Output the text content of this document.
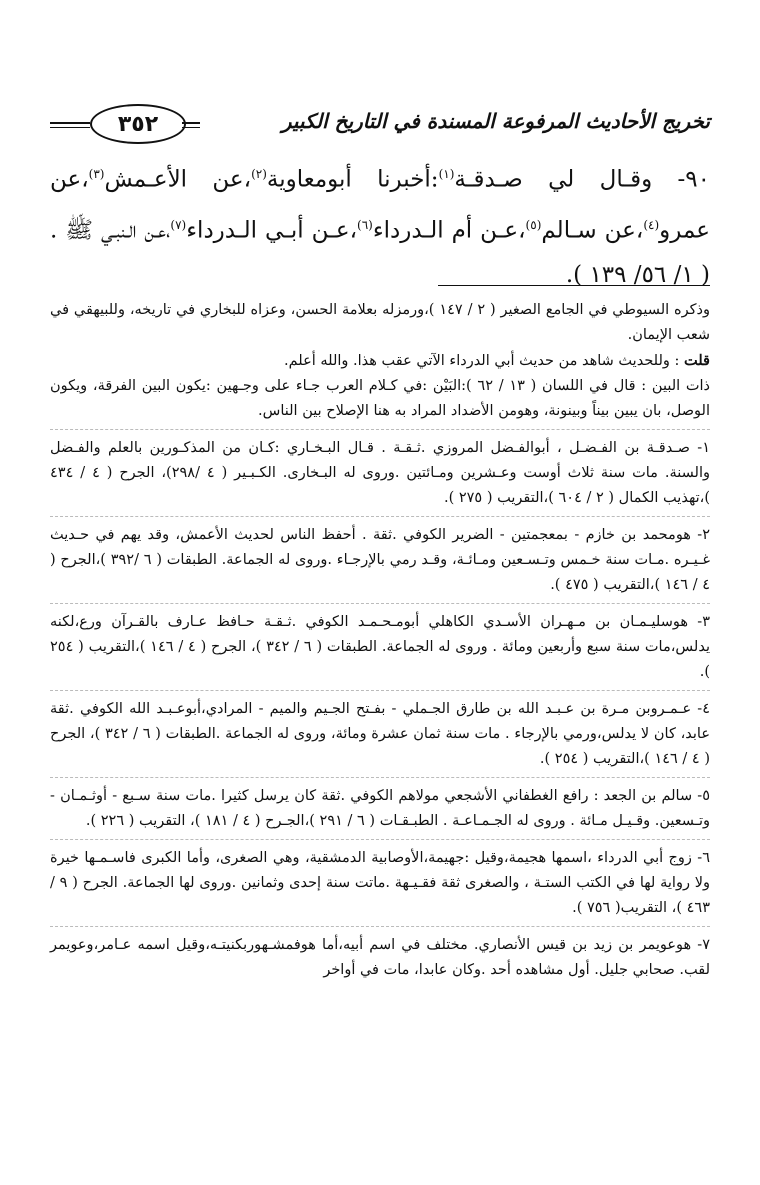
٣٥٢	تخريج الأحاديث المرفوعة المسندة في التاريخ الكبير

٩٠- وقـال لي صـدقـة$^{(١)}$:أخبرنا أبومعاوية$^{(٢)}$،عن الأعـمش$^{(٣)}$،عن عمرو$^{(٤)}$،عن سـالم$^{(٥)}$،عـن أم الـدرداء$^{(٦)}$،عـن أبـي الـدرداء$^{(٧)}$،عـن الـنبـي ﷺ . ( ١/ ٥٦/ ١٣٩ ).

وذكره السيوطي في الجامع الصغير ( ٢ / ١٤٧ )،ورمزله بعلامة الحسن، وعزاه للبخاري في تاريخه، وللبيهقي في شعب الإيمان.

قلت : وللحديث شاهد من حديث أبي الدرداء الآتي عقب هذا. والله أعلم.

ذات البين : قال في اللسان ( ١٣ / ٦٢ ):البَيْن :في كـلام العرب جـاء على وجـهين :يكون البين الفرقة، ويكون الوصل، بان يبين بيناً وبينونة، وهومن الأضداد المراد به هنا الإصلاح بين الناس.

١- صـدقـة بن الفـضـل ، أبوالفـضل المروزي .ثـقـة . قـال البـخـاري :كـان من المذكـورين بالعلم والفـضل والسنة. مات سنة ثلاث أوست وعـشرين ومـائتين .وروى له البـخارى. الكـبـير ( ٤ /٢٩٨)، الجرح ( ٤ / ٤٣٤ )،تهذيب الكمال ( ٢ / ٦٠٤ )،التقريب ( ٢٧٥ ).

٢- هومحمد بن خازم - بمعجمتين - الضرير الكوفي .ثقة . أحفظ الناس لحديث الأعمش، وقد يهم في حـديث غـيـره .مـات سنة خـمس وتـسـعين ومـائـة، وقـد رمي بالإرجـاء .وروى له الجماعة. الطبقات ( ٦ /٣٩٢ )،الجرح ( ٤ / ١٤٦ )،التقريب ( ٤٧٥ ).

٣- هوسليـمـان بن مـهـران الأسـدي الكاهلي أبومـحـمـد الكوفي .ثـقـة حـافظ عـارف بالقـرآن ورع،لكنه يدلس،مات سنة سبع وأربعين ومائة . وروى له الجماعة. الطبقات ( ٦ / ٣٤٢ )، الجرح ( ٤ / ١٤٦ )،التقريب ( ٢٥٤ ).

٤- عـمـروبن مـرة بن عـبـد الله بن طارق الجـملي - بفـتح الجـيم والميم - المرادي،أبوعـبـد الله الكوفي .ثقة عابد، كان لا يدلس،ورمي بالإرجاء . مات سنة ثمان عشرة ومائة، وروى له الجماعة .الطبقات ( ٦ / ٣٤٢ )، الجرح ( ٤ / ١٤٦ )،التقريب ( ٢٥٤ ).

٥- سالم بن الجعد : رافع الغطفاني الأشجعي مولاهم الكوفي .ثقة كان يرسل كثيرا .مات سنة سـبع - أوثـمـان - وتـسعين. وقـيـل مـائة . وروى له الجـمـاعـة . الطبـقـات ( ٦ / ٢٩١ )،الجـرح ( ٤ / ١٨١ )، التقريب ( ٢٢٦ ).

٦- زوج أبي الدرداء ،اسمها هجيمة،وقيل :جهيمة،الأوصابية الدمشقية، وهي الصغرى، وأما الكبرى فاسـمـها خيرة ولا رواية لها في الكتب الستـة ، والصغرى ثقة فقـيـهة .ماتت سنة إحدى وثمانين .وروى لها الجماعة. الجرح ( ٩ / ٤٦٣ )، التقريب( ٧٥٦ ).

٧- هوعويمر بن زيد بن قيس الأنصاري. مختلف في اسم أبيه،أما هوفمشـهوربكنيتـه،وقيل اسمه عـامر،وعويمر لقب. صحابي جليل. أول مشاهده أحد .وكان عابدا، مات في أواخر
